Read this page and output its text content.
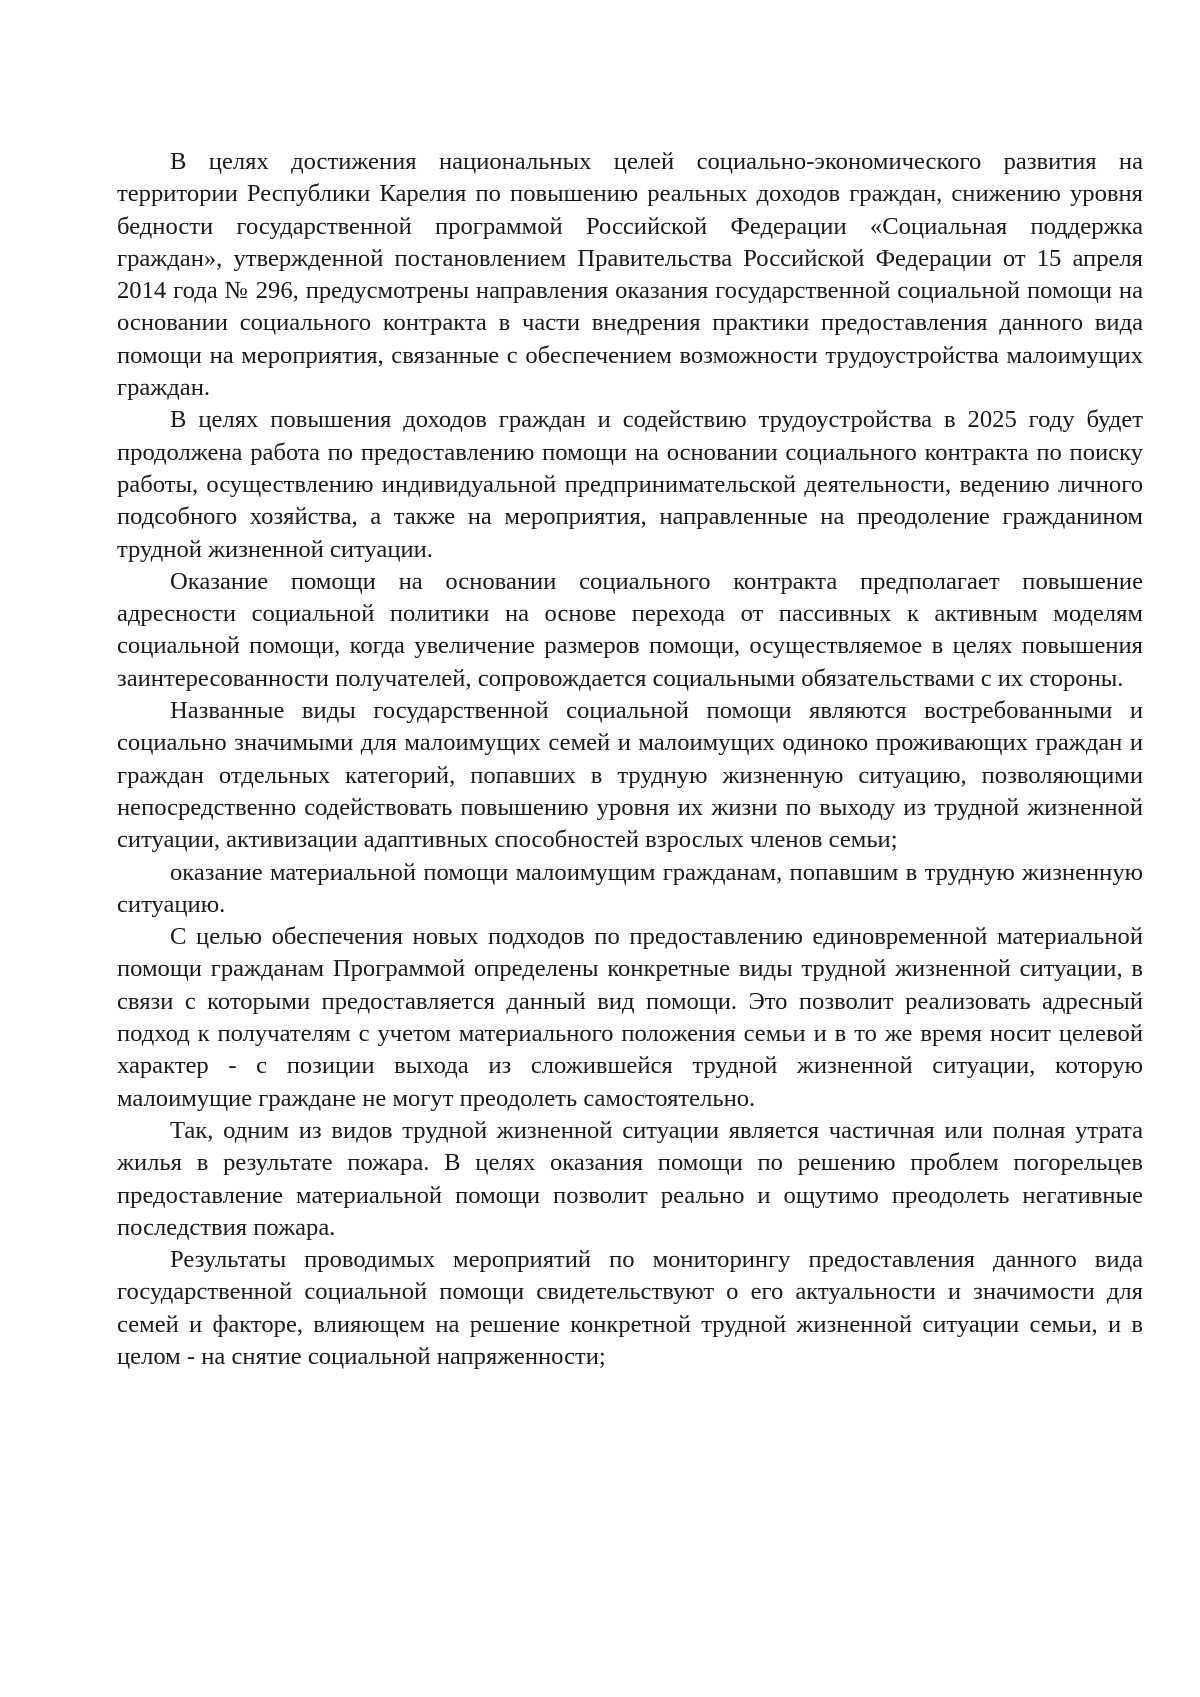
В целях достижения национальных целей социально-экономического развития на территории Республики Карелия по повышению реальных доходов граждан, снижению уровня бедности государственной программой Российской Федерации «Социальная поддержка граждан», утвержденной постановлением Правительства Российской Федерации от 15 апреля 2014 года № 296, предусмотрены направления оказания государственной социальной помощи на основании социального контракта в части внедрения практики предоставления данного вида помощи на мероприятия, связанные с обеспечением возможности трудоустройства малоимущих граждан.

В целях повышения доходов граждан и содействию трудоустройства в 2025 году будет продолжена работа по предоставлению помощи на основании социального контракта по поиску работы, осуществлению индивидуальной предпринимательской деятельности, ведению личного подсобного хозяйства, а также на мероприятия, направленные на преодоление гражданином трудной жизненной ситуации.

Оказание помощи на основании социального контракта предполагает повышение адресности социальной политики на основе перехода от пассивных к активным моделям социальной помощи, когда увеличение размеров помощи, осуществляемое в целях повышения заинтересованности получателей, сопровождается социальными обязательствами с их стороны.

Названные виды государственной социальной помощи являются востребованными и социально значимыми для малоимущих семей и малоимущих одиноко проживающих граждан и граждан отдельных категорий, попавших в трудную жизненную ситуацию, позволяющими непосредственно содействовать повышению уровня их жизни по выходу из трудной жизненной ситуации, активизации адаптивных способностей взрослых членов семьи;

оказание материальной помощи малоимущим гражданам, попавшим в трудную жизненную ситуацию.

С целью обеспечения новых подходов по предоставлению единовременной материальной помощи гражданам Программой определены конкретные виды трудной жизненной ситуации, в связи с которыми предоставляется данный вид помощи. Это позволит реализовать адресный подход к получателям с учетом материального положения семьи и в то же время носит целевой характер - с позиции выхода из сложившейся трудной жизненной ситуации, которую малоимущие граждане не могут преодолеть самостоятельно.

Так, одним из видов трудной жизненной ситуации является частичная или полная утрата жилья в результате пожара. В целях оказания помощи по решению проблем погорельцев предоставление материальной помощи позволит реально и ощутимо преодолеть негативные последствия пожара.

Результаты проводимых мероприятий по мониторингу предоставления данного вида государственной социальной помощи свидетельствуют о его актуальности и значимости для семей и факторе, влияющем на решение конкретной трудной жизненной ситуации семьи, и в целом - на снятие социальной напряженности;
